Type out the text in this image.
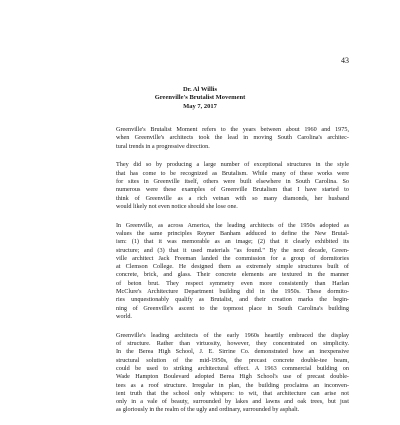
43
Dr. Al Willis
Greenville's Brutalist Movement
May 7, 2017
Greenville's Brutalist Moment refers to the years between about 1960 and 1975,
when Greenville's architects took the lead in moving South Carolina's architec-
tural trends in a progressive direction.
They did so by producing a large number of exceptional structures in the style
that has come to be recognized as Brutalism. While many of these works were
for sites in Greenville itself, others were built elsewhere in South Carolina. So
numerous were these examples of Greenville Brutalism that I have started to
think of Greenville as a rich veinan with so many diamonds, her husband
would likely not even notice should she lose one.
In Greenville, as across America, the leading architects of the 1950s adopted as
values the same principles Reyner Banham adduced to define the New Brutal-
ism: (1) that it was memorable as an image; (2) that it clearly exhibited its
structure; and (3) that it used materials "as found." By the next decade, Green-
ville architect Jack Freeman landed the commission for a group of dormitories
at Clemson College. He designed them as extremely simple structures built of
concrete, brick, and glass. Their concrete elements are textured in the manner
of beton brut. They respect symmetry even more consistently than Harlan
McClure's Architecture Department building did in the 1950s. These dormito-
ries unquestionably qualify as Brutalist, and their creation marks the begin-
ning of Greenville's ascent to the topmost place in South Carolina's building
world.
Greenville's leading architects of the early 1960s heartily embraced the display
of structure. Rather than virtuosity, however, they concentrated on simplicity.
In the Berea High School, J. E. Sirrine Co. demonstrated how an inexpensive
structural solution of the mid-1950s, the precast concrete double-tee beam,
could be used to striking architectural effect. A 1963 commercial building on
Wade Hampton Boulevard adopted Berea High School's use of precast double-
tees as a roof structure. Irregular in plan, the building proclaims an inconven-
ient truth that the school only whispers: to wit, that architecture can arise not
only in a vale of beauty, surrounded by lakes and lawns and oak trees, but just
as gloriously in the realm of the ugly and ordinary, surrounded by asphalt.
